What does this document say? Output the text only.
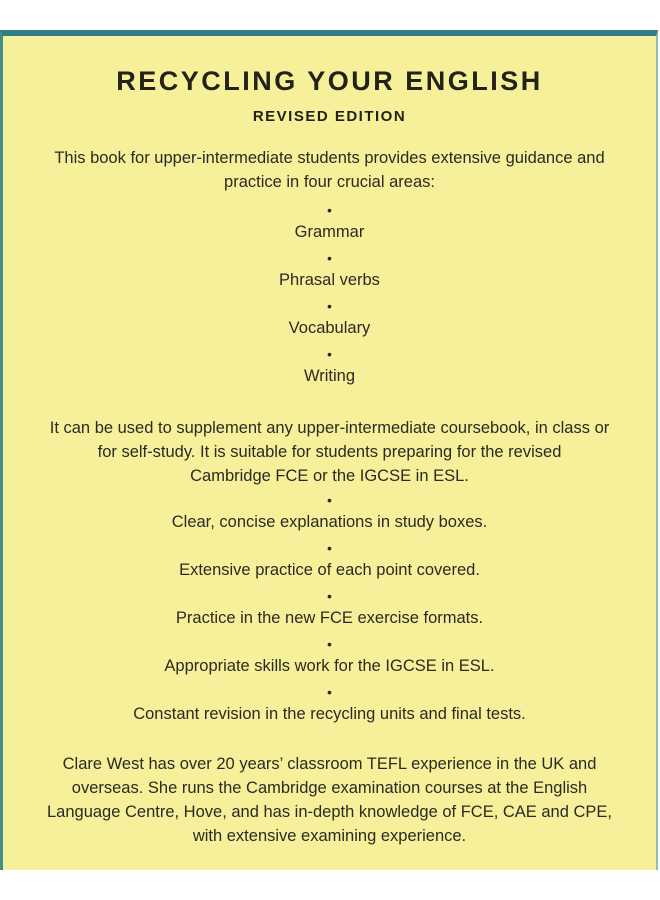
RECYCLING YOUR ENGLISH
REVISED EDITION
This book for upper-intermediate students provides extensive guidance and
practice in four crucial areas:
•
Grammar
•
Phrasal verbs
•
Vocabulary
•
Writing
It can be used to supplement any upper-intermediate coursebook, in class or
for self-study. It is suitable for students preparing for the revised
Cambridge FCE or the IGCSE in ESL.
•
Clear, concise explanations in study boxes.
•
Extensive practice of each point covered.
•
Practice in the new FCE exercise formats.
•
Appropriate skills work for the IGCSE in ESL.
•
Constant revision in the recycling units and final tests.
Clare West has over 20 years’ classroom TEFL experience in the UK and
overseas. She runs the Cambridge examination courses at the English
Language Centre, Hove, and has in-depth knowledge of FCE, CAE and CPE,
with extensive examining experience.
